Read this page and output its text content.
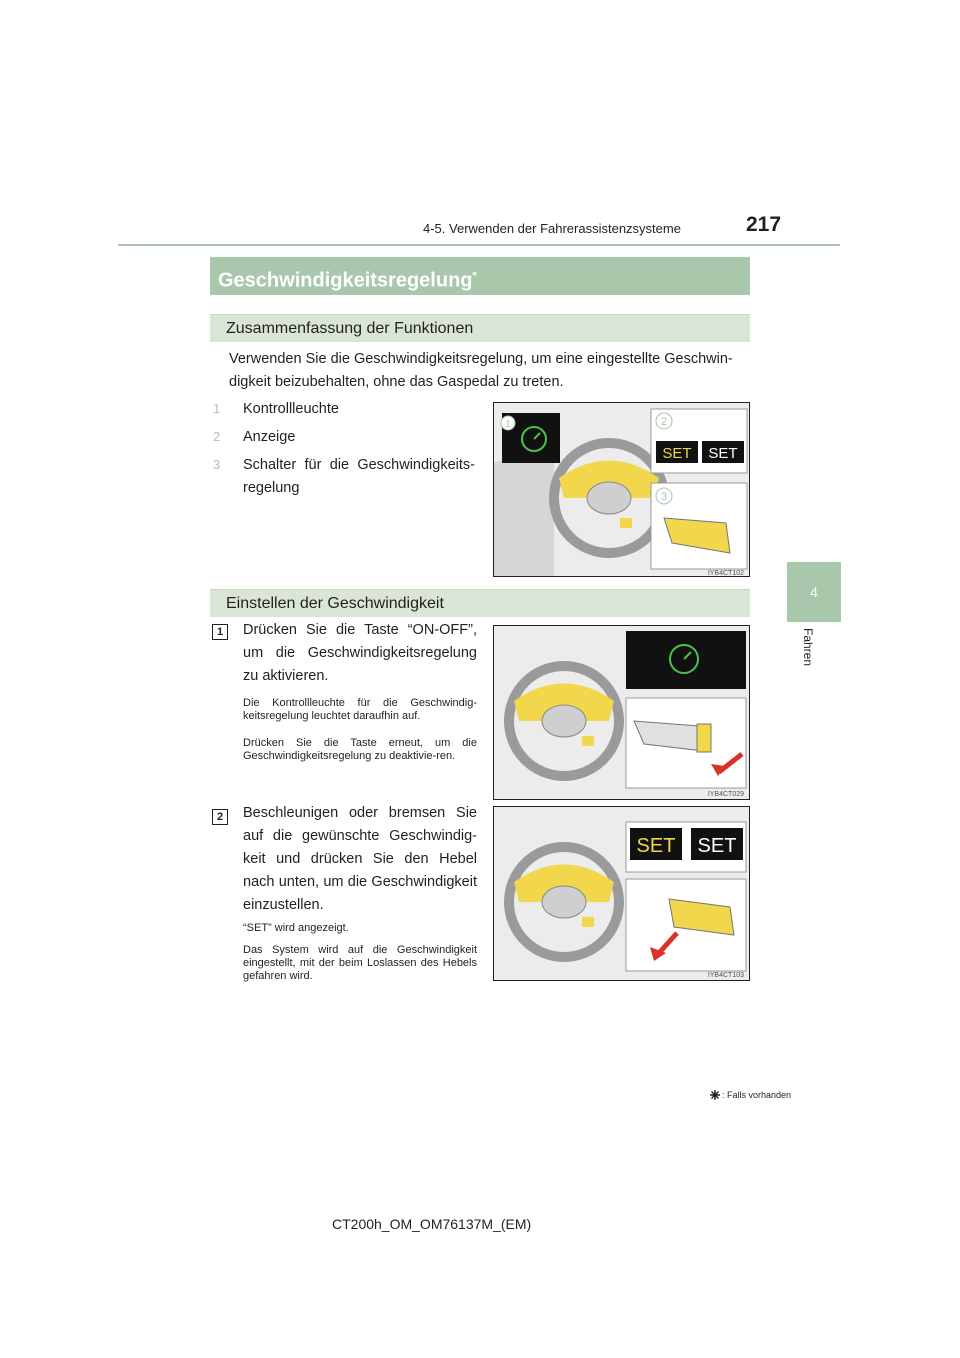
4-5. Verwenden der Fahrerassistenzsysteme	217
4
Fahren
Geschwindigkeitsregelung*
Zusammenfassung der Funktionen
Verwenden Sie die Geschwindigkeitsregelung, um eine eingestellte Geschwin-digkeit beizubehalten, ohne das Gaspedal zu treten.
1 Kontrollleuchte
2 Anzeige
3 Schalter für die Geschwindigkeits-regelung
1	2
SET SET
3
IYB4CT102
Einstellen der Geschwindigkeit
1	Drücken Sie die Taste “ON-OFF”, um die Geschwindigkeitsregelung zu aktivieren.
Die Kontrollleuchte für die Geschwindig-keitsregelung leuchtet daraufhin auf.
Drücken Sie die Taste erneut, um die Geschwindigkeitsregelung zu deaktivie-ren.
IYB4CT029
2	Beschleunigen oder bremsen Sie auf die gewünschte Geschwindig-keit und drücken Sie den Hebel nach unten, um die Geschwindigkeit einzustellen.
“SET” wird angezeigt.
Das System wird auf die Geschwindigkeit eingestellt, mit der beim Loslassen des Hebels gefahren wird.
SET SET
IYB4CT103
: Falls vorhanden
CT200h_OM_OM76137M_(EM)
